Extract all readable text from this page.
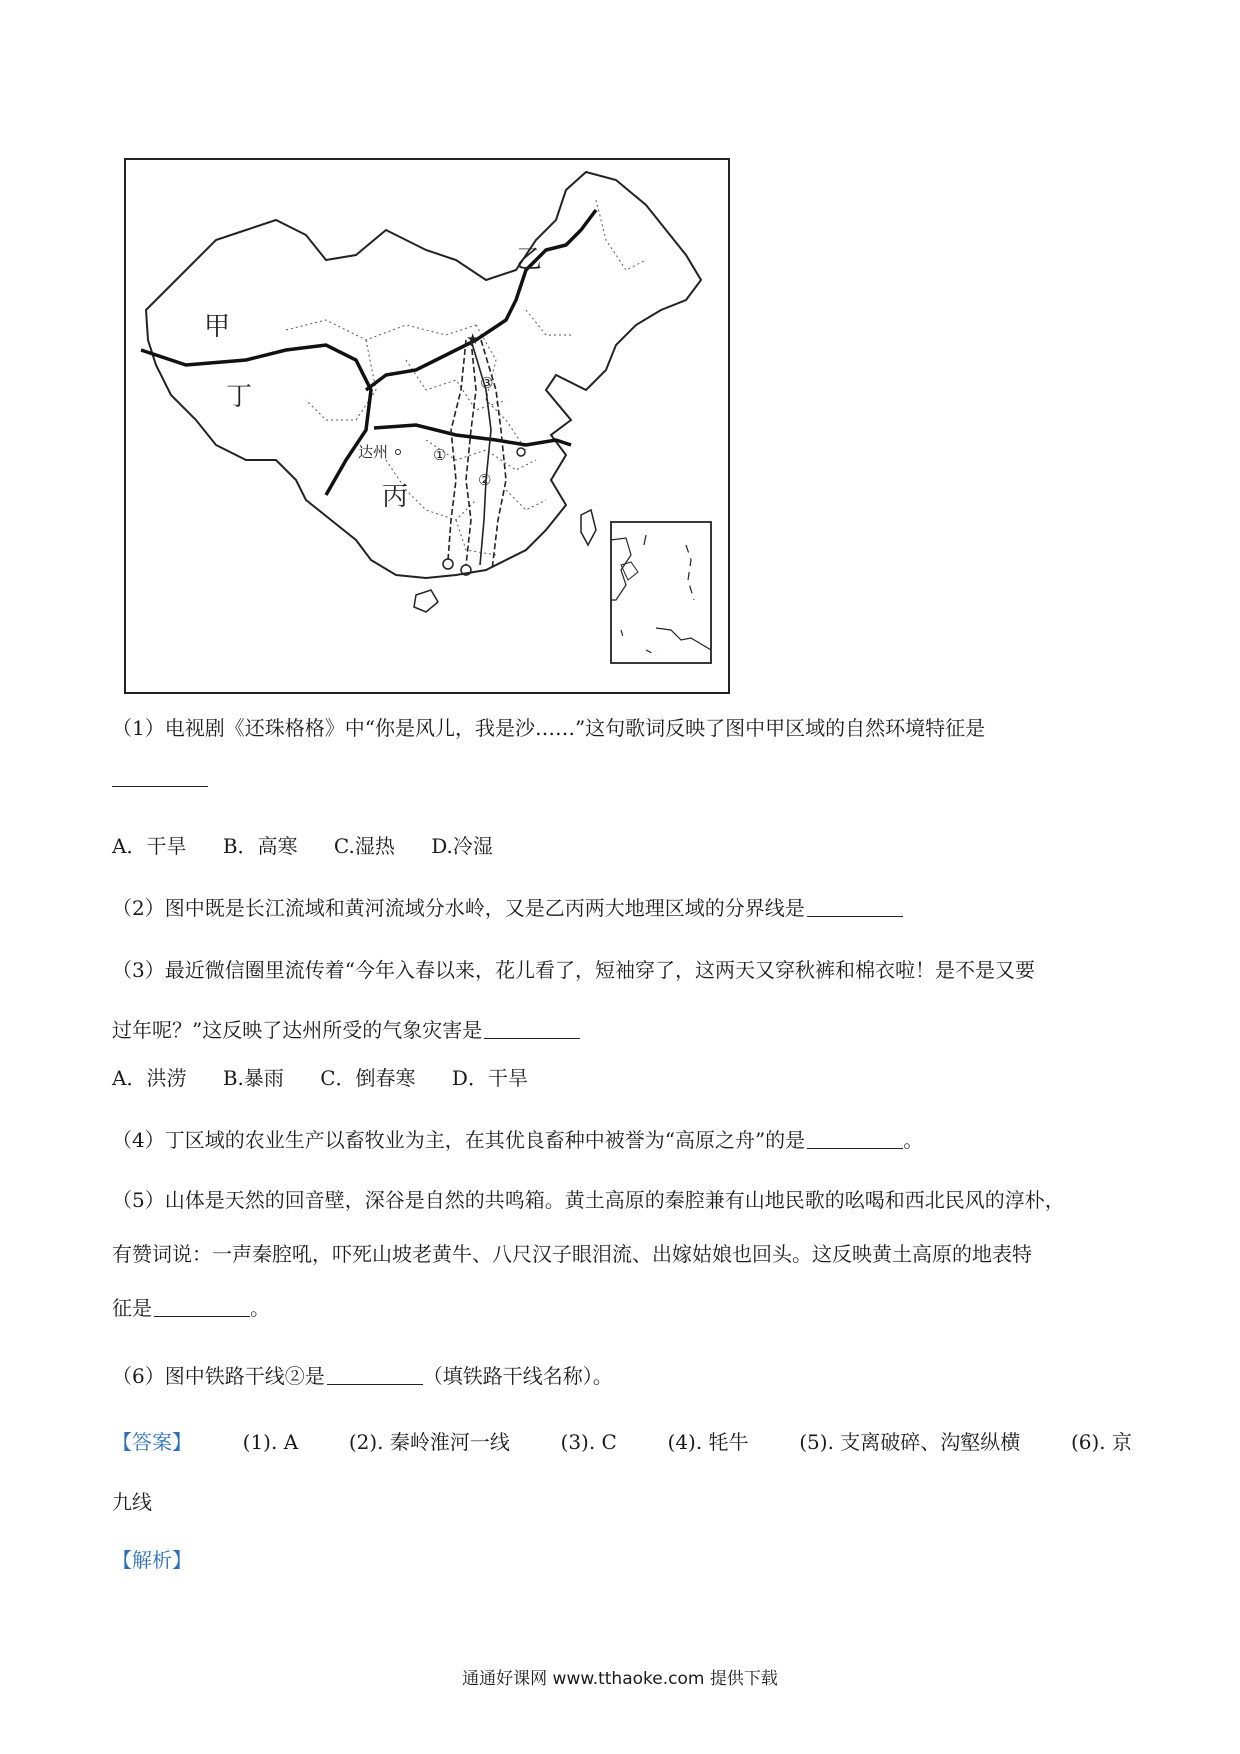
★
甲
乙
丙
丁
达州	①
②
③
（1）电视剧《还珠格格》中“你是风儿，我是沙……”这句歌词反映了图中甲区域的自然环境特征是
A．干旱 B．高寒 C.湿热 D.冷湿
（2）图中既是长江流域和黄河流域分水岭，又是乙丙两大地理区域的分界线是
（3）最近微信圈里流传着“今年入春以来，花儿看了，短袖穿了，这两天又穿秋裤和棉衣啦！是不是又要
过年呢？”这反映了达州所受的气象灾害是
A．洪涝 B.暴雨 C．倒春寒 D．干旱
（4）丁区域的农业生产以畜牧业为主，在其优良畜种中被誉为“高原之舟”的是	。
（5）山体是天然的回音壁，深谷是自然的共鸣箱。黄土高原的秦腔兼有山地民歌的吆喝和西北民风的淳朴，
有赞词说：一声秦腔吼，吓死山坡老黄牛、八尺汉子眼泪流、出嫁姑娘也回头。这反映黄土高原的地表特
征是	。
（6）图中铁路干线②是	（填铁路干线名称）。
【答案】	(1). A	(2). 秦岭淮河一线	(3). C	(4). 牦牛	(5). 支离破碎、沟壑纵横	(6). 京
九线
【解析】
通通好课网 www.tthaoke.com 提供下载
